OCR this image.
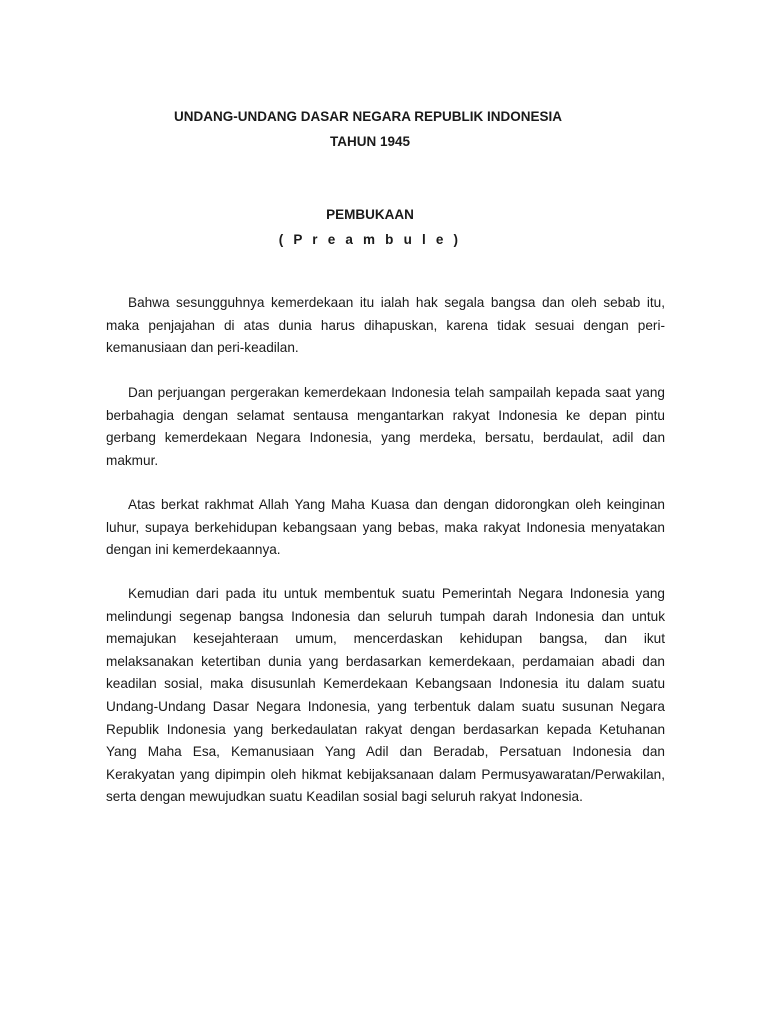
UNDANG-UNDANG DASAR NEGARA REPUBLIK INDONESIA
TAHUN 1945
PEMBUKAAN
( P r e a m b u l e )

Bahwa sesungguhnya kemerdekaan itu ialah hak segala bangsa dan oleh sebab itu, maka penjajahan di atas dunia harus dihapuskan, karena tidak sesuai dengan peri-kemanusiaan dan peri-keadilan.

Dan perjuangan pergerakan kemerdekaan Indonesia telah sampailah kepada saat yang berbahagia dengan selamat sentausa mengantarkan rakyat Indonesia ke depan pintu gerbang kemerdekaan Negara Indonesia, yang merdeka, bersatu, berdaulat, adil dan makmur.

Atas berkat rakhmat Allah Yang Maha Kuasa dan dengan didorongkan oleh keinginan luhur, supaya berkehidupan kebangsaan yang bebas, maka rakyat Indonesia menyatakan dengan ini kemerdekaannya.

Kemudian dari pada itu untuk membentuk suatu Pemerintah Negara Indonesia yang melindungi segenap bangsa Indonesia dan seluruh tumpah darah Indonesia dan untuk memajukan kesejahteraan umum, mencerdaskan kehidupan bangsa, dan ikut melaksanakan ketertiban dunia yang berdasarkan kemerdekaan, perdamaian abadi dan keadilan sosial, maka disusunlah Kemerdekaan Kebangsaan Indonesia itu dalam suatu Undang-Undang Dasar Negara Indonesia, yang terbentuk dalam suatu susunan Negara Republik Indonesia yang berkedaulatan rakyat dengan berdasarkan kepada Ketuhanan Yang Maha Esa, Kemanusiaan Yang Adil dan Beradab, Persatuan Indonesia dan Kerakyatan yang dipimpin oleh hikmat kebijaksanaan dalam Permusyawaratan/Perwakilan, serta dengan mewujudkan suatu Keadilan sosial bagi seluruh rakyat Indonesia.
